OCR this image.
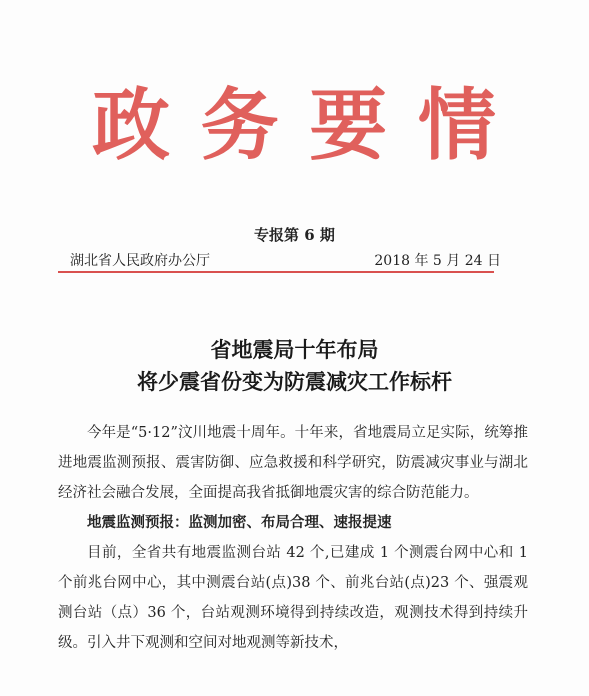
政 务 要 情
专报第 6 期
湖北省人民政府办公厅	2018 年 5 月 24 日
省地震局十年布局
将少震省份变为防震减灾工作标杆

今年是“5·12”汶川地震十周年。十年来，省地震局立足实际，统筹推进地震监测预报、震害防御、应急救援和科学研究，防震减灾事业与湖北经济社会融合发展，全面提高我省抵御地震灾害的综合防范能力。

地震监测预报：监测加密、布局合理、速报提速

目前，全省共有地震监测台站 42 个,已建成 1 个测震台网中心和 1 个前兆台网中心，其中测震台站(点)38 个、前兆台站(点)23 个、强震观测台站（点）36 个，台站观测环境得到持续改造，观测技术得到持续升级。引入井下观测和空间对地观测等新技术，
